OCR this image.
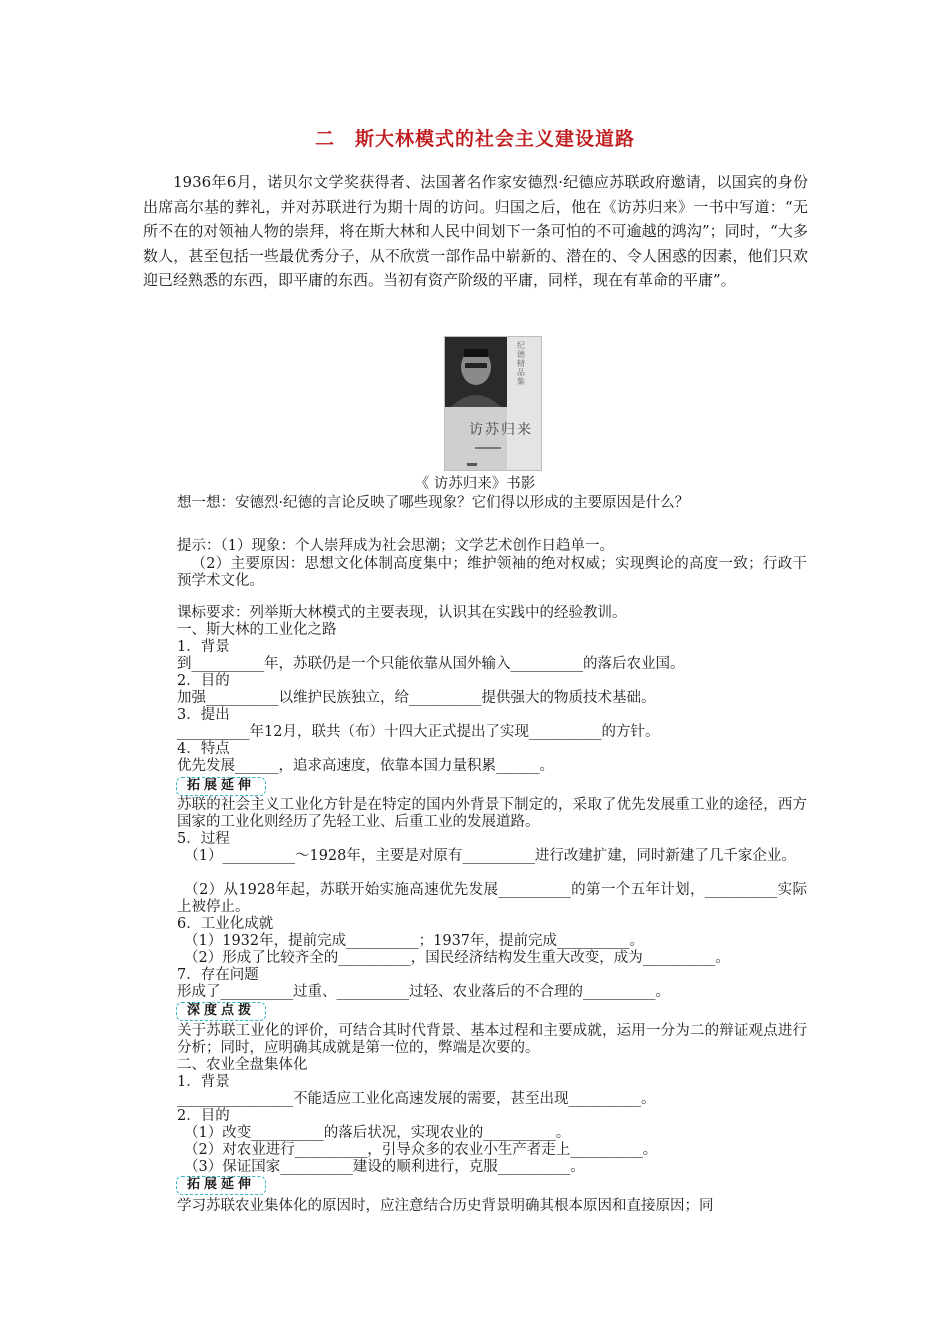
二　斯大林模式的社会主义建设道路
1936年6月，诺贝尔文学奖获得者、法国著名作家安德烈·纪德应苏联政府邀请，以国宾的身份出席高尔基的葬礼，并对苏联进行为期十周的访问。归国之后，他在《访苏归来》一书中写道：“无所不在的对领袖人物的崇拜，将在斯大林和人民中间划下一条可怕的不可逾越的鸿沟”；同时，“大多数人，甚至包括一些最优秀分子，从不欣赏一部作品中崭新的、潜在的、令人困惑的因素，他们只欢迎已经熟悉的东西，即平庸的东西。当初有资产阶级的平庸，同样，现在有革命的平庸”。
访苏归来
纪德精品集
《 访苏归来》书影
想一想：安德烈·纪德的言论反映了哪些现象？它们得以形成的主要原因是什么？
提示：（1）现象：个人崇拜成为社会思潮；文学艺术创作日趋单一。
（2）主要原因：思想文化体制高度集中；维护领袖的绝对权威；实现舆论的高度一致；行政干预学术文化。
课标要求：列举斯大林模式的主要表现，认识其在实践中的经验教训。
一、斯大林的工业化之路
1．背景
到__________年，苏联仍是一个只能依靠从国外输入__________的落后农业国。
2．目的
加强__________以维护民族独立，给__________提供强大的物质技术基础。
3．提出
__________年12月，联共（布）十四大正式提出了实现__________的方针。
4．特点
优先发展______，追求高速度，依靠本国力量积累______。
拓展延伸
苏联的社会主义工业化方针是在特定的国内外背景下制定的，采取了优先发展重工业的途径，西方国家的工业化则经历了先轻工业、后重工业的发展道路。
5．过程
（1）__________～1928年，主要是对原有__________进行改建扩建，同时新建了几千家企业。
（2）从1928年起，苏联开始实施高速优先发展__________的第一个五年计划，__________实际上被停止。
6．工业化成就
（1）1932年，提前完成__________；1937年，提前完成__________。
（2）形成了比较齐全的__________，国民经济结构发生重大改变，成为__________。
7．存在问题
形成了__________过重、__________过轻、农业落后的不合理的__________。
深度点拨
关于苏联工业化的评价，可结合其时代背景、基本过程和主要成就，运用一分为二的辩证观点进行分析；同时，应明确其成就是第一位的，弊端是次要的。
二、农业全盘集体化
1．背景
________________不能适应工业化高速发展的需要，甚至出现__________。
2．目的
（1）改变__________的落后状况，实现农业的__________。
（2）对农业进行__________，引导众多的农业小生产者走上__________。
（3）保证国家__________建设的顺利进行，克服__________。
拓展延伸
学习苏联农业集体化的原因时，应注意结合历史背景明确其根本原因和直接原因；同
